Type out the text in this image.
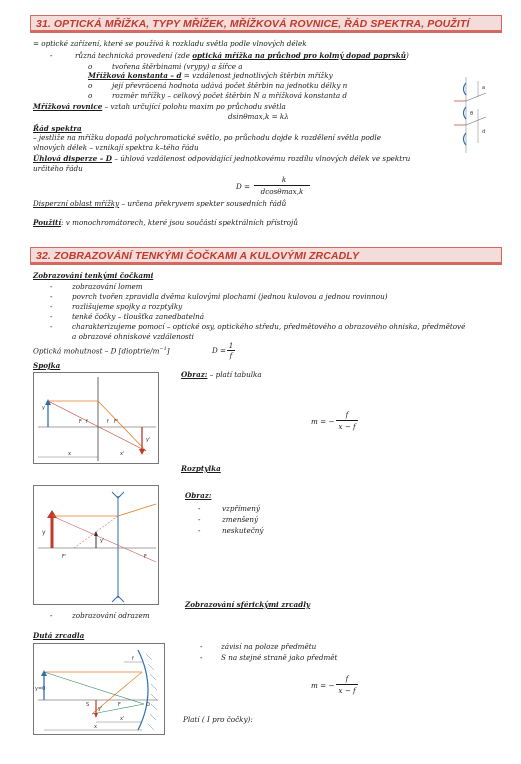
31. OPTICKÁ MŘÍŽKA, TYPY MŘÍŽEK, MŘÍŽKOVÁ ROVNICE, ŘÁD SPEKTRA, POUŽITÍ
= optické zařízení, které se používá k rozkladu světla podle vlnových délek
-	různá technická provedení (zde optická mřížka na průchod pro kolmý dopad paprsků)
o	tvořena štěrbinami (vrypy) a šířce a
Mřížková konstanta – d = vzdálenost jednotlivých štěrbin mřížky
o	její převrácená hodnota udává počet štěrbin na jednotku délky n
o	rozměr mřížky – celkový počet štěrbin N a mřížková konstanta d
Mřížková rovnice – vztah určující polohu maxim po průchodu světla
dsinθmax,k = kλ
Řád spektra
– jestliže na mřížku dopadá polychromatické světlo, po průchodu dojde k rozdělení světla podle
vlnových délek – vznikají spektra k–tého řádu
Úhlová disperze – D – úhlová vzdálenost odpovídající jednotkovému rozdílu vlnových délek ve spektru
určitého řádu
D =
k
dcosθmax,k
Disperzní oblast mřížky – určena překryvem spekter sousedních řádů
Použití: v monochromátorech, které jsou součástí spektrálních přístrojů
a
d
θ
32. ZOBRAZOVÁNÍ TENKÝMI ČOČKAMI A KULOVÝMI ZRCADLY
Zobrazování tenkými čočkami
-	zobrazování lomem
-	povrch tvořen zpravidla dvěma kulovými plochami (jednou kulovou a jednou rovinnou)
-	rozlišujeme spojky a rozptylky
-	tenké čočky – tloušťka zanedbatelná
-	charakterizujeme pomocí – optické osy, optického středu, předmětového a obrazového ohniska, předmětové
a obrazové ohniskové vzdálenosti
Optická mohutnost – D $[dioptrie/m^{-1}]$	D =
1
f
Spojka
y
y'
F f	f F'
x	x'
Obraz: – platí tabulka
m = −
f
x − f
Rozptylka
y
y'
F'	F
Obraz:
-	vzpřímený
-	zmenšený
-	neskutečný
Zobrazování sférickými zrcadly
-	zobrazování odrazem
Dutá zrcadla
y=0
S
y'
F
f
x
x'
O
-	závisí na poloze předmětu
-	S na stejné straně jako předmět
m = −
f
x − f
Platí ( I pro čočky):
